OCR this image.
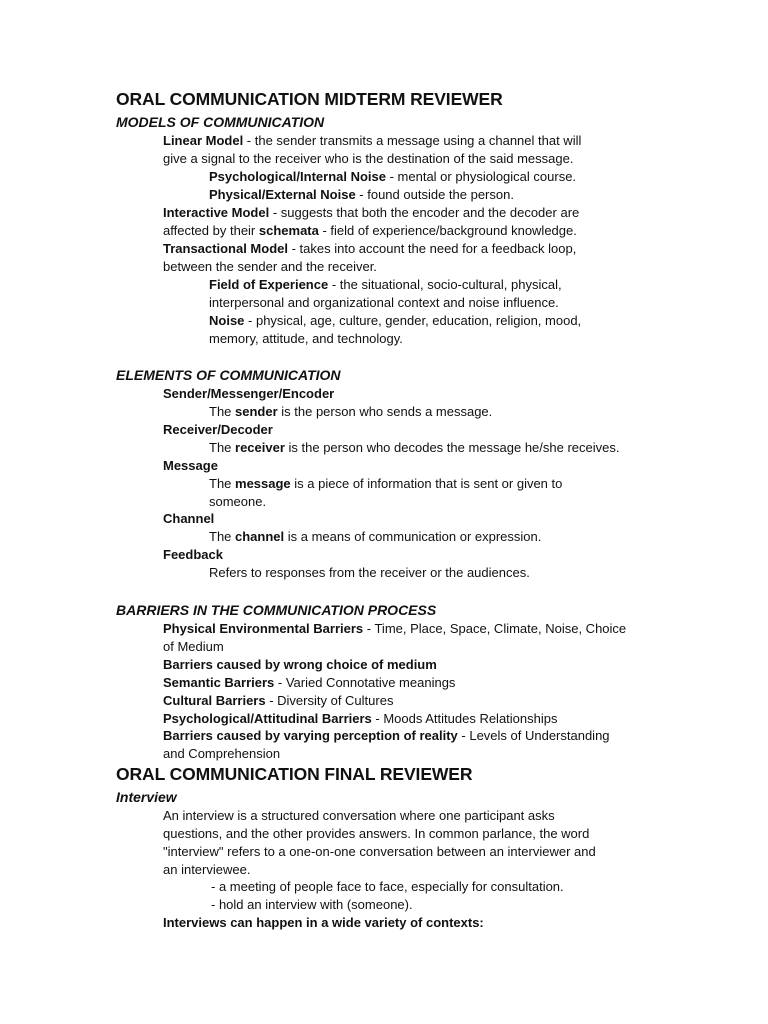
ORAL COMMUNICATION MIDTERM REVIEWER
MODELS OF COMMUNICATION
Linear Model - the sender transmits a message using a channel that will
give a signal to the receiver who is the destination of the said message.
Psychological/Internal Noise - mental or physiological course.
Physical/External Noise - found outside the person.
Interactive Model - suggests that both the encoder and the decoder are
affected by their schemata - field of experience/background knowledge.
Transactional Model - takes into account the need for a feedback loop,
between the sender and the receiver.
Field of Experience - the situational, socio-cultural, physical,
interpersonal and organizational context and noise influence.
Noise - physical, age, culture, gender, education, religion, mood,
memory, attitude, and technology.
ELEMENTS OF COMMUNICATION
Sender/Messenger/Encoder
The sender is the person who sends a message.
Receiver/Decoder
The receiver is the person who decodes the message he/she receives.
Message
The message is a piece of information that is sent or given to
someone.
Channel
The channel is a means of communication or expression.
Feedback
Refers to responses from the receiver or the audiences.
BARRIERS IN THE COMMUNICATION PROCESS
Physical Environmental Barriers - Time, Place, Space, Climate, Noise, Choice
of Medium
Barriers caused by wrong choice of medium
Semantic Barriers - Varied Connotative meanings
Cultural Barriers - Diversity of Cultures
Psychological/Attitudinal Barriers - Moods Attitudes Relationships
Barriers caused by varying perception of reality - Levels of Understanding
and Comprehension
ORAL COMMUNICATION FINAL REVIEWER
Interview
An interview is a structured conversation where one participant asks
questions, and the other provides answers. In common parlance, the word
"interview" refers to a one-on-one conversation between an interviewer and
an interviewee.
- a meeting of people face to face, especially for consultation.
- hold an interview with (someone).
Interviews can happen in a wide variety of contexts:
